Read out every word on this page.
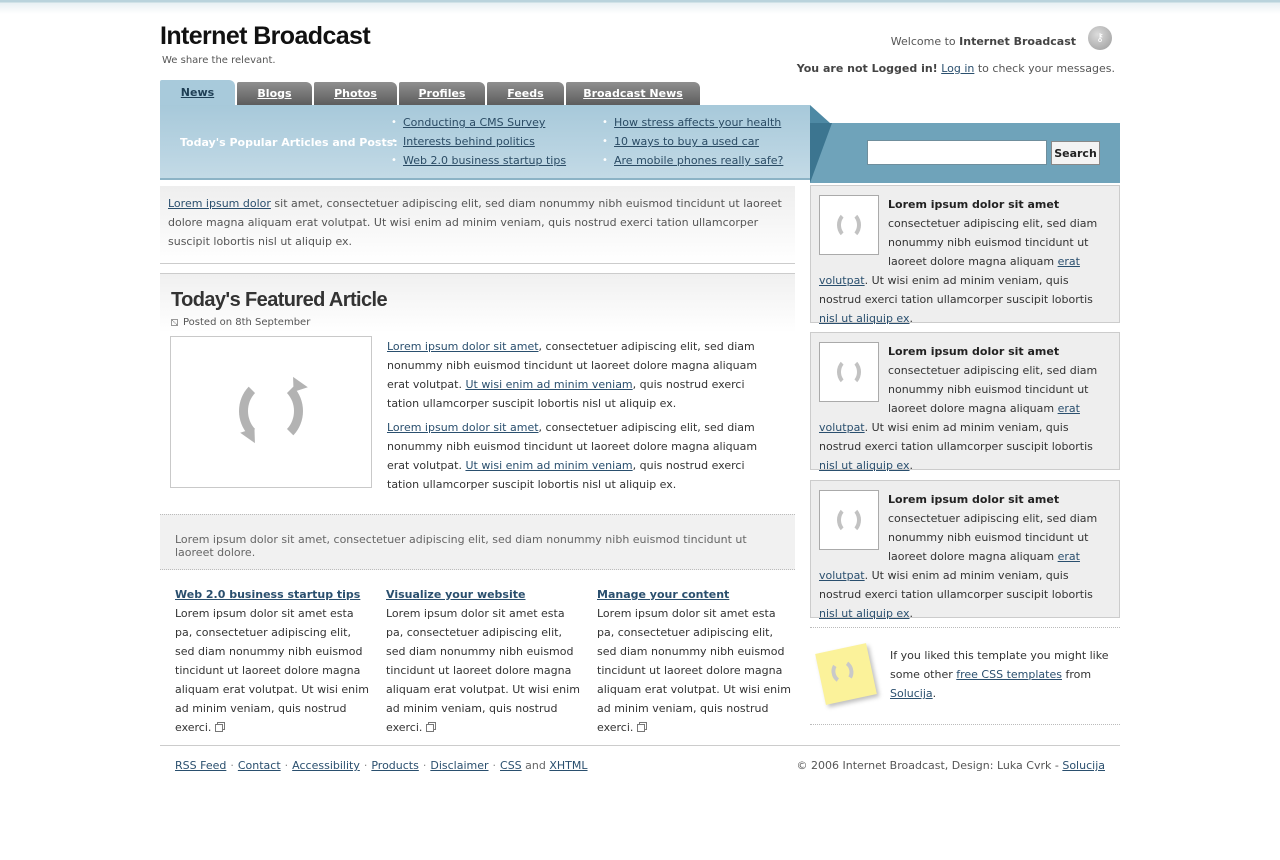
Internet Broadcast
We share the relevant.
Welcome to Internet Broadcast	⚷
You are not Logged in! Log in to check your messages.
News	Blogs	Photos	Profiles	Feeds	Broadcast News
Today's Popular Articles and Posts:
• Conducting a CMS Survey
• Interests behind politics
• Web 2.0 business startup tips
• How stress affects your health
• 10 ways to buy a used car
• Are mobile phones really safe?
Search
Lorem ipsum dolor sit amet, consectetuer adipiscing elit, sed diam nonummy nibh euismod tincidunt ut laoreet dolore magna aliquam erat volutpat. Ut wisi enim ad minim veniam, quis nostrud exerci tation ullamcorper suscipit lobortis nisl ut aliquip ex.
Today's Featured Article
Posted on 8th September

Lorem ipsum dolor sit amet, consectetuer adipiscing elit, sed diam nonummy nibh euismod tincidunt ut laoreet dolore magna aliquam erat volutpat. Ut wisi enim ad minim veniam, quis nostrud exerci tation ullamcorper suscipit lobortis nisl ut aliquip ex.

Lorem ipsum dolor sit amet, consectetuer adipiscing elit, sed diam nonummy nibh euismod tincidunt ut laoreet dolore magna aliquam erat volutpat. Ut wisi enim ad minim veniam, quis nostrud exerci tation ullamcorper suscipit lobortis nisl ut aliquip ex.

Lorem ipsum dolor sit amet, consectetuer adipiscing elit, sed diam nonummy nibh euismod tincidunt ut laoreet dolore.
Web 2.0 business startup tips
Lorem ipsum dolor sit amet esta pa, consectetuer adipiscing elit, sed diam nonummy nibh euismod tincidunt ut laoreet dolore magna aliquam erat volutpat. Ut wisi enim ad minim veniam, quis nostrud exerci.
Visualize your website
Lorem ipsum dolor sit amet esta pa, consectetuer adipiscing elit, sed diam nonummy nibh euismod tincidunt ut laoreet dolore magna aliquam erat volutpat. Ut wisi enim ad minim veniam, quis nostrud exerci.
Manage your content
Lorem ipsum dolor sit amet esta pa, consectetuer adipiscing elit, sed diam nonummy nibh euismod tincidunt ut laoreet dolore magna aliquam erat volutpat. Ut wisi enim ad minim veniam, quis nostrud exerci.
Lorem ipsum dolor sit amet
consectetuer adipiscing elit, sed diam nonummy nibh euismod tincidunt ut laoreet dolore magna aliquam erat volutpat. Ut wisi enim ad minim veniam, quis nostrud exerci tation ullamcorper suscipit lobortis nisl ut aliquip ex.
Lorem ipsum dolor sit amet
consectetuer adipiscing elit, sed diam nonummy nibh euismod tincidunt ut laoreet dolore magna aliquam erat volutpat. Ut wisi enim ad minim veniam, quis nostrud exerci tation ullamcorper suscipit lobortis nisl ut aliquip ex.
Lorem ipsum dolor sit amet
consectetuer adipiscing elit, sed diam nonummy nibh euismod tincidunt ut laoreet dolore magna aliquam erat volutpat. Ut wisi enim ad minim veniam, quis nostrud exerci tation ullamcorper suscipit lobortis nisl ut aliquip ex.
If you liked this template you might like some other free CSS templates from Solucija.
RSS Feed · Contact · Accessibility · Products · Disclaimer · CSS and XHTML	© 2006 Internet Broadcast, Design: Luka Cvrk - Solucija
